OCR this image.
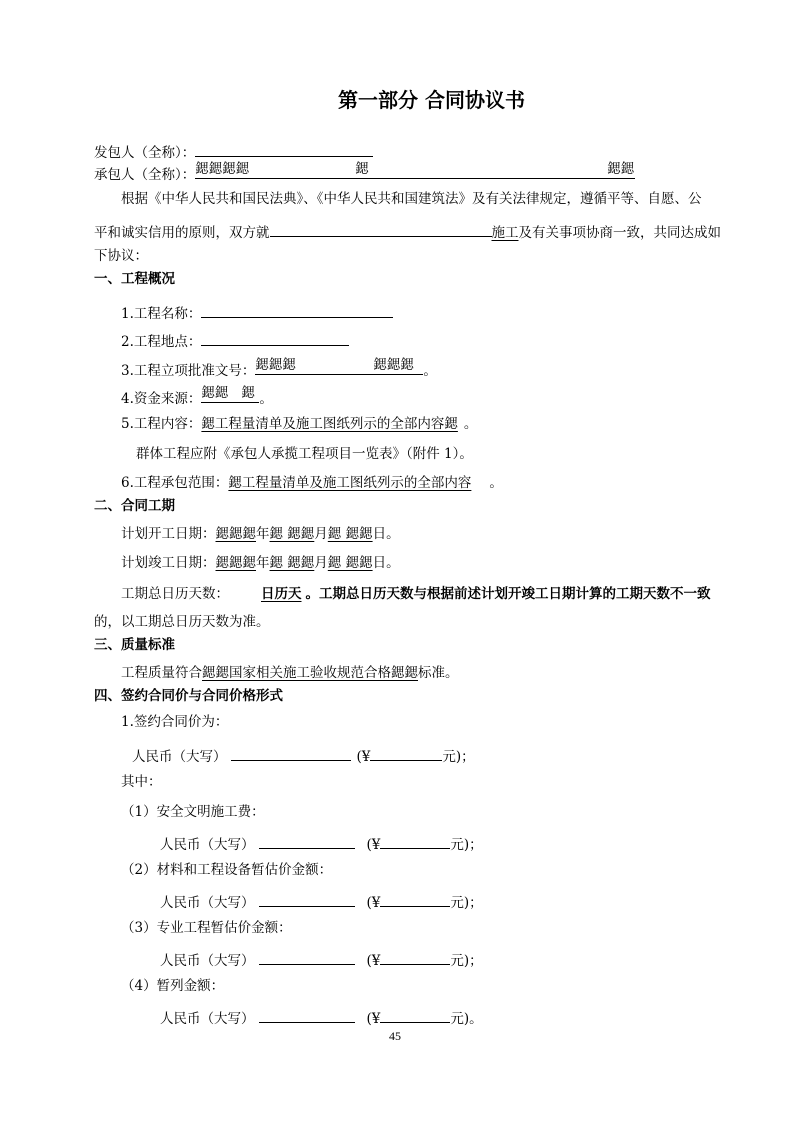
第一部分 合同协议书
发包人（全称）：
承包人（全称）： 鍶鍶鍶鍶	鍶	鍶鍶
根据《中华人民共和国民法典》、《中华人民共和国建筑法》及有关法律规定，遵循平等、自愿、公
平和诚实信用的原则，双方就	施工及有关事项协商一致，共同达成如
下协议：
一、工程概况
1.工程名称：
2.工程地点：
3.工程立项批准文号： 鍶鍶鍶	鍶鍶鍶 。
4.资金来源： 鍶鍶 鍶 。
5.工程内容：鍶工程量清单及施工图纸列示的全部内容鍶 。
群体工程应附《承包人承揽工程项目一览表》（附件 1）。
6.工程承包范围：鍶工程量清单及施工图纸列示的全部内容 。
二、合同工期
计划开工日期：鍶鍶鍶年鍶 鍶鍶月鍶 鍶鍶日。
计划竣工日期：鍶鍶鍶年鍶 鍶鍶月鍶 鍶鍶日。
工期总日历天数： 日历天 。工期总日历天数与根据前述计划开竣工日期计算的工期天数不一致
的，以工期总日历天数为准。
三、质量标准
工程质量符合鍶鍶国家相关施工验收规范合格鍶鍶标准。
四、签约合同价与合同价格形式
1.签约合同价为：
人民币（大写）	(¥	元)；
其中：
（1）安全文明施工费：
人民币（大写）	(¥	元)；
（2）材料和工程设备暂估价金额：
人民币（大写）	(¥	元)；
（3）专业工程暂估价金额：
人民币（大写）	(¥	元)；
（4）暂列金额：
人民币（大写）	(¥	元)。
45
